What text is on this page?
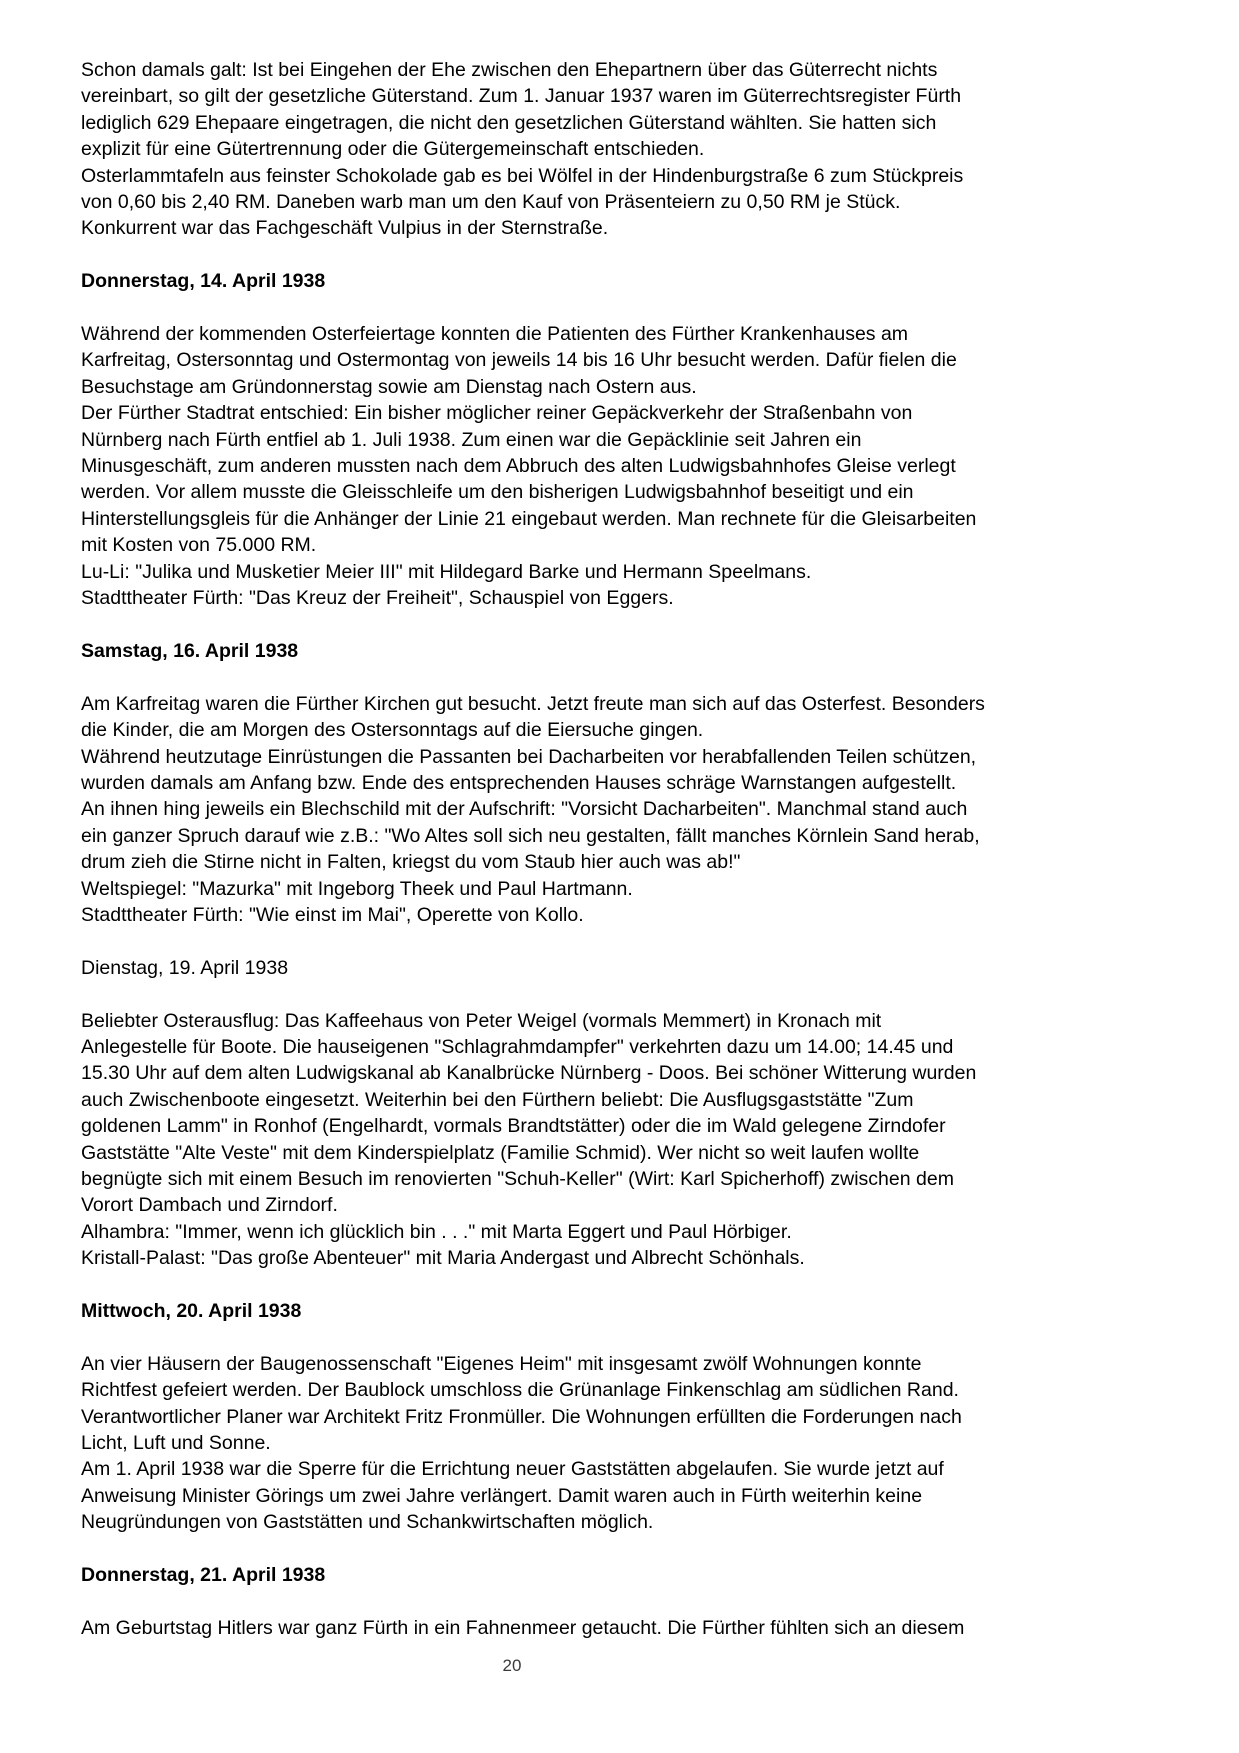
Schon damals galt: Ist bei Eingehen der Ehe zwischen den Ehepartnern über das Güterrecht nichts
vereinbart, so gilt der gesetzliche Güterstand. Zum 1. Januar 1937 waren im Güterrechtsregister Fürth
lediglich 629 Ehepaare eingetragen, die nicht den gesetzlichen Güterstand wählten. Sie hatten sich
explizit für eine Gütertrennung oder die Gütergemeinschaft entschieden.
Osterlammtafeln aus feinster Schokolade gab es bei Wölfel in der Hindenburgstraße 6 zum Stückpreis
von 0,60 bis 2,40 RM. Daneben warb man um den Kauf von Präsenteiern zu 0,50 RM je Stück.
Konkurrent war das Fachgeschäft Vulpius in der Sternstraße.
Donnerstag, 14. April 1938
Während der kommenden Osterfeiertage konnten die Patienten des Fürther Krankenhauses am
Karfreitag, Ostersonntag und Ostermontag von jeweils 14 bis 16 Uhr besucht werden. Dafür fielen die
Besuchstage am Gründonnerstag sowie am Dienstag nach Ostern aus.
Der Fürther Stadtrat entschied: Ein bisher möglicher reiner Gepäckverkehr der Straßenbahn von
Nürnberg nach Fürth entfiel ab 1. Juli 1938. Zum einen war die Gepäcklinie seit Jahren ein
Minusgeschäft, zum anderen mussten nach dem Abbruch des alten Ludwigsbahnhofes Gleise verlegt
werden. Vor allem musste die Gleisschleife um den bisherigen Ludwigsbahnhof beseitigt und ein
Hinterstellungsgleis für die Anhänger der Linie 21 eingebaut werden. Man rechnete für die Gleisarbeiten
mit Kosten von 75.000 RM.
Lu-Li: "Julika und Musketier Meier III" mit Hildegard Barke und Hermann Speelmans.
Stadttheater Fürth: "Das Kreuz der Freiheit", Schauspiel von Eggers.
Samstag, 16. April 1938
Am Karfreitag waren die Fürther Kirchen gut besucht. Jetzt freute man sich auf das Osterfest. Besonders
die Kinder, die am Morgen des Ostersonntags auf die Eiersuche gingen.
Während heutzutage Einrüstungen die Passanten bei Dacharbeiten vor herabfallenden Teilen schützen,
wurden damals am Anfang bzw. Ende des entsprechenden Hauses schräge Warnstangen aufgestellt.
An ihnen hing jeweils ein Blechschild mit der Aufschrift: "Vorsicht Dacharbeiten". Manchmal stand auch
ein ganzer Spruch darauf wie z.B.: "Wo Altes soll sich neu gestalten, fällt manches Körnlein Sand herab,
drum zieh die Stirne nicht in Falten, kriegst du vom Staub hier auch was ab!"
Weltspiegel: "Mazurka" mit Ingeborg Theek und Paul Hartmann.
Stadttheater Fürth: "Wie einst im Mai", Operette von Kollo.
Dienstag, 19. April 1938
Beliebter Osterausflug: Das Kaffeehaus von Peter Weigel (vormals Memmert) in Kronach mit
Anlegestelle für Boote. Die hauseigenen "Schlagrahmdampfer" verkehrten dazu um 14.00; 14.45 und
15.30 Uhr auf dem alten Ludwigskanal ab Kanalbrücke Nürnberg - Doos. Bei schöner Witterung wurden
auch Zwischenboote eingesetzt. Weiterhin bei den Fürthern beliebt: Die Ausflugsgaststätte "Zum
goldenen Lamm" in Ronhof (Engelhardt, vormals Brandtstätter) oder die im Wald gelegene Zirndofer
Gaststätte "Alte Veste" mit dem Kinderspielplatz (Familie Schmid). Wer nicht so weit laufen wollte
begnügte sich mit einem Besuch im renovierten "Schuh-Keller" (Wirt: Karl Spicherhoff) zwischen dem
Vorort Dambach und Zirndorf.
Alhambra: "Immer, wenn ich glücklich bin . . ." mit Marta Eggert und Paul Hörbiger.
Kristall-Palast: "Das große Abenteuer" mit Maria Andergast und Albrecht Schönhals.
Mittwoch, 20. April 1938
An vier Häusern der Baugenossenschaft "Eigenes Heim" mit insgesamt zwölf Wohnungen konnte
Richtfest gefeiert werden. Der Baublock umschloss die Grünanlage Finkenschlag am südlichen Rand.
Verantwortlicher Planer war Architekt Fritz Fronmüller. Die Wohnungen erfüllten die Forderungen nach
Licht, Luft und Sonne.
Am 1. April 1938 war die Sperre für die Errichtung neuer Gaststätten abgelaufen. Sie wurde jetzt auf
Anweisung Minister Görings um zwei Jahre verlängert. Damit waren auch in Fürth weiterhin keine
Neugründungen von Gaststätten und Schankwirtschaften möglich.
Donnerstag, 21. April 1938
Am Geburtstag Hitlers war ganz Fürth in ein Fahnenmeer getaucht. Die Fürther fühlten sich an diesem
20
